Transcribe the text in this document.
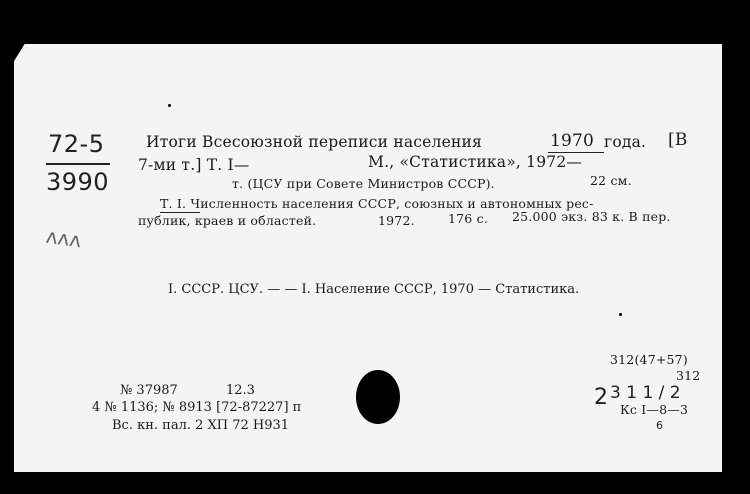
72-5
3990
ᴧᴧᴧ
Итоги Всесоюзной переписи населения	1970 года. [В
7-ми т.] Т. I—	М., «Статистика», 1972—
т. (ЦСУ при Совете Министров СССР).	22 см.
Т. I. Численность населения СССР, союзных и автономных рес-
публик, краев и областей.	1972.	176 с. 25.000 экз. 83 к. В пер.
I. СССР. ЦСУ. — — I. Население СССР, 1970 — Статистика.
312(47+57)
312
2 3 1 1 / 2
Кс I—8—3
6
№ 37987	12.3
4 № 1136; № 8913 [72-87227] п
Вс. кн. пал. 2 ХП 72 Н931
